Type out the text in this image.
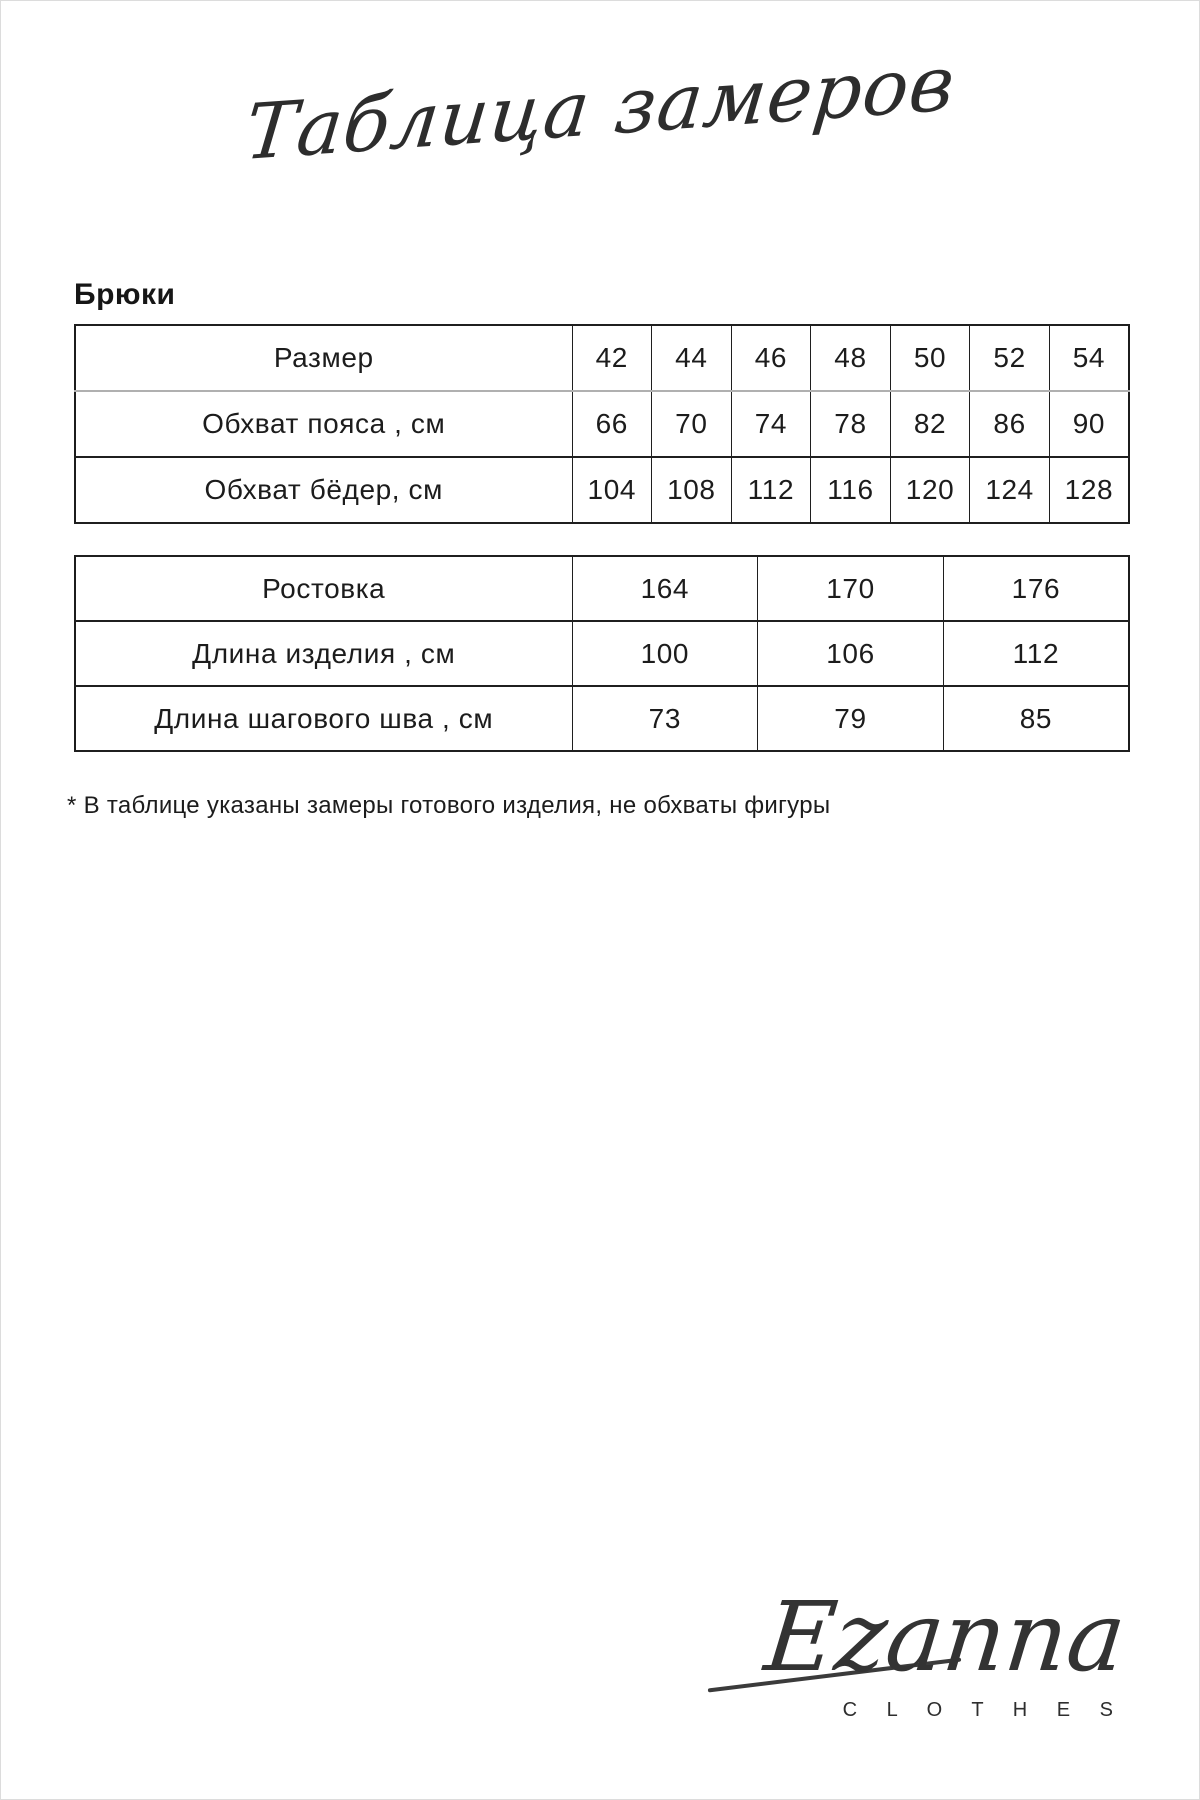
Таблица замеров
Брюки
Размер	42	44	46	48	50	52	54
Обхват пояса , см	66	70	74	78	82	86	90
Обхват бёдер, см	104	108	112	116	120	124	128
Ростовка	164	170	176
Длина изделия , см	100	106	112
Длина шагового шва , см	73	79	85
* В таблице указаны замеры готового изделия, не обхваты фигуры
Ezanna
C L O T H E S
